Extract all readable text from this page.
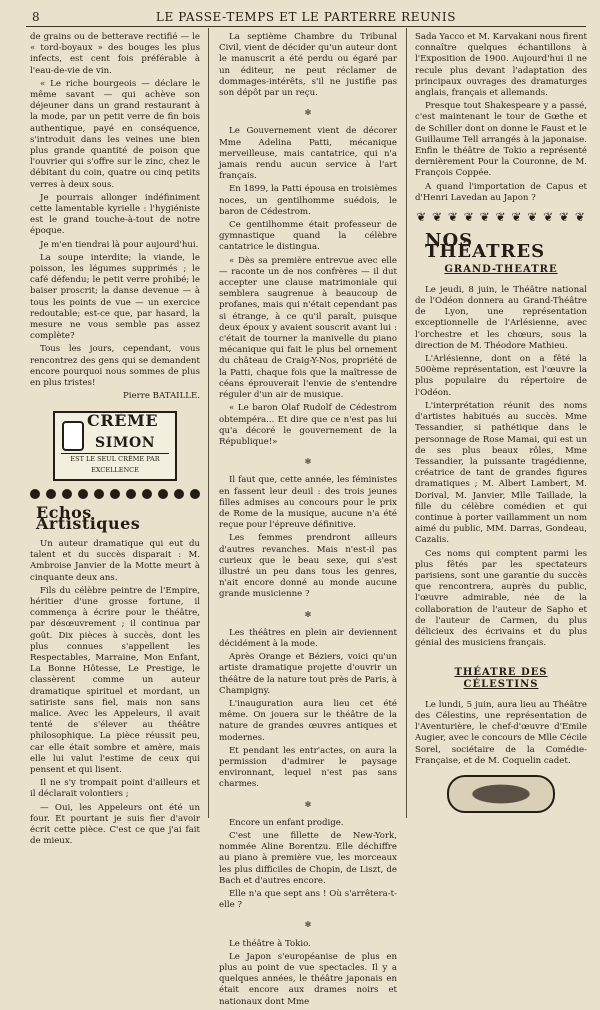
8	LE PASSE-TEMPS ET LE PARTERRE REUNIS

de grains ou de betterave rectifié — le « tord-boyaux » des bouges les plus infects, est cent fois préférable à l'eau-de-vie de vin.

« Le riche bourgeois — déclare le même savant — qui achève son déjeuner dans un grand restaurant à la mode, par un petit verre de fin bois authentique, payé en conséquence, s'introduit dans les veines une bien plus grande quantité de poison que l'ouvrier qui s'offre sur le zinc, chez le débitant du coin, quatre ou cinq petits verres à deux sous.

Je pourrais allonger indéfiniment cette lamentable kyrielle : l'hygiéniste est le grand touche-à-tout de notre époque.

Je m'en tiendrai là pour aujourd'hui.

La soupe interdite; la viande, le poisson, les légumes supprimés ; le café défendu; le petit verre prohibé; le baiser proscrit; la danse devenue — à tous les points de vue — un exercice redoutable; est-ce que, par hasard, la mesure ne vous semble pas assez complète?

Tous les jours, cependant, vous rencontrez des gens qui se demandent encore pourquoi nous sommes de plus en plus tristes!

Pierre BATAILLE.

CRÈME
SIMON
EST LE SEUL CRÈME PAR EXCELLENCE
Echos Artistiques

Un auteur dramatique qui eut du talent et du succès disparait : M. Ambroise Janvier de la Motte meurt à cinquante deux ans.

Fils du célèbre peintre de l'Empire, héritier d'une grosse fortune, il commença à écrire pour le théâtre, par désœuvrement ; il continua par goût. Dix pièces à succès, dont les plus connues s'appellent les Respectables, Marraine, Mon Enfant, La Bonne Hôtesse, Le Prestige, le classèrent comme un auteur dramatique spirituel et mordant, un satiriste sans fiel, mais non sans malice. Avec les Appeleurs, il avait tenté de s'élever au théâtre philosophique. La pièce réussit peu, car elle était sombre et amère, mais elle lui valut l'estime de ceux qui pensent et qui lisent.

Il ne s'y trompait point d'ailleurs et il déclarait volontiers ;

— Oui, les Appeleurs ont été un four. Et pourtant je suis fier d'avoir écrit cette pièce. C'est ce que j'ai fait de mieux.

La septième Chambre du Tribunal Civil, vient de décider qu'un auteur dont le manuscrit a été perdu ou égaré par un éditeur, ne peut réclamer de dommages-intérêts, s'il ne justifie pas son dépôt par un reçu.

✻

Le Gouvernement vient de décorer Mme Adelina Patti, mécanique merveilleuse, mais cantatrice, qui n'a jamais rendu aucun service à l'art français.

En 1899, la Patti épousa en troisièmes noces, un gentilhomme suédois, le baron de Cédestrom.

Ce gentilhomme était professeur de gymnastique quand la célèbre cantatrice le distingua.

« Dès sa première entrevue avec elle — raconte un de nos confrères — il dut accepter une clause matrimoniale qui semblera saugrenue à beaucoup de profanes, mais qui n'était cependant pas si étrange, à ce qu'il paraît, puisque deux époux y avaient souscrit avant lui : c'était de tourner la manivelle du piano mécanique qui fait le plus bel ornement du château de Craig-Y-Nos, propriété de la Patti, chaque fois que la maîtresse de céans éprouverait l'envie de s'entendre réguler d'un air de musique.

« Le baron Olaf Rudolf de Cédestrom obtempéra... Et dire que ce n'est pas lui qu'a décoré le gouvernement de la République!»

✻

Il faut que, cette année, les féministes en fassent leur deuil : des trois jeunes filles admises au concours pour le prix de Rome de la musique, aucune n'a été reçue pour l'épreuve définitive.

Les femmes prendront ailleurs d'autres revanches. Mais n'est-il pas curieux que le beau sexe, qui s'est illustré un peu dans tous les genres, n'ait encore donné au monde aucune grande musicienne ?

✻

Les théâtres en plein air deviennent décidément à la mode.

Après Orange et Béziers, voici qu'un artiste dramatique projette d'ouvrir un théâtre de la nature tout près de Paris, à Champigny.

L'inauguration aura lieu cet été même. On jouera sur le théâtre de la nature de grandes œuvres antiques et modernes.

Et pendant les entr'actes, on aura la permission d'admirer le paysage environnant, lequel n'est pas sans charmes.

✻

Encore un enfant prodige.

C'est une fillette de New-York, nommée Aline Borentzu. Elle déchiffre au piano à première vue, les morceaux les plus difficiles de Chopin, de Liszt, de Bach et d'autres encore.

Elle n'a que sept ans ! Où s'arrêtera-t-elle ?

✻

Le théâtre à Tokio.

Le Japon s'européanise de plus en plus au point de vue spectacles. Il y a quelques années, le théâtre japonais en était encore aux drames noirs et nationaux dont Mme

Sada Yacco et M. Karvakani nous firent connaître quelques échantillons à l'Exposition de 1900. Aujourd'hui il ne recule plus devant l'adaptation des principaux ouvrages des dramaturges anglais, français et allemands.

Presque tout Shakespeare y a passé, c'est maintenant le tour de Gœthe et de Schiller dont on donne le Faust et le Guillaume Tell arrangés à la japonaise. Enfin le théâtre de Tokio a représenté dernièrement Pour la Couronne, de M. François Coppée.

A quand l'importation de Capus et d'Henri Lavedan au Japon ?

❦ ❦ ❦ ❦ ❦ ❦ ❦ ❦ ❦ ❦ ❦
NOS THÉATRES
GRAND-THEATRE

Le jeudi, 8 juin, le Théâtre national de l'Odéon donnera au Grand-Théâtre de Lyon, une représentation exceptionnelle de l'Arlésienne, avec l'orchestre et les chœurs, sous la direction de M. Théodore Mathieu.

L'Arlésienne, dont on a fêté la 500ème représentation, est l'œuvre la plus populaire du répertoire de l'Odéon.

L'interprétation réunit des noms d'artistes habitués au succès. Mme Tessandier, si pathétique dans le personnage de Rose Mamai, qui est un de ses plus beaux rôles, Mme Tessandier, la puissante tragédienne, créatrice de tant de grandes figures dramatiques ; M. Albert Lambert, M. Dorival, M. Janvier, Mlle Taillade, la fille du célèbre comédien et qui continue à porter vaillamment un nom aimé du public, MM. Darras, Gondeau, Cazalis.

Ces noms qui comptent parmi les plus fêtés par les spectateurs parisiens, sont une garantie du succès que rencontrera, auprès du public, l'œuvre admirable, née de la collaboration de l'auteur de Sapho et de l'auteur de Carmen, du plus délicieux des écrivains et du plus génial des musiciens français.

THÉATRE DES CÉLESTINS

Le lundi, 5 juin, aura lieu au Théâtre des Célestins, une représentation de l'Aventurière, le chef-d'œuvre d'Emile Augier, avec le concours de Mlle Cécile Sorel, sociétaire de la Comédie-Française, et de M. Coquelin cadet.
